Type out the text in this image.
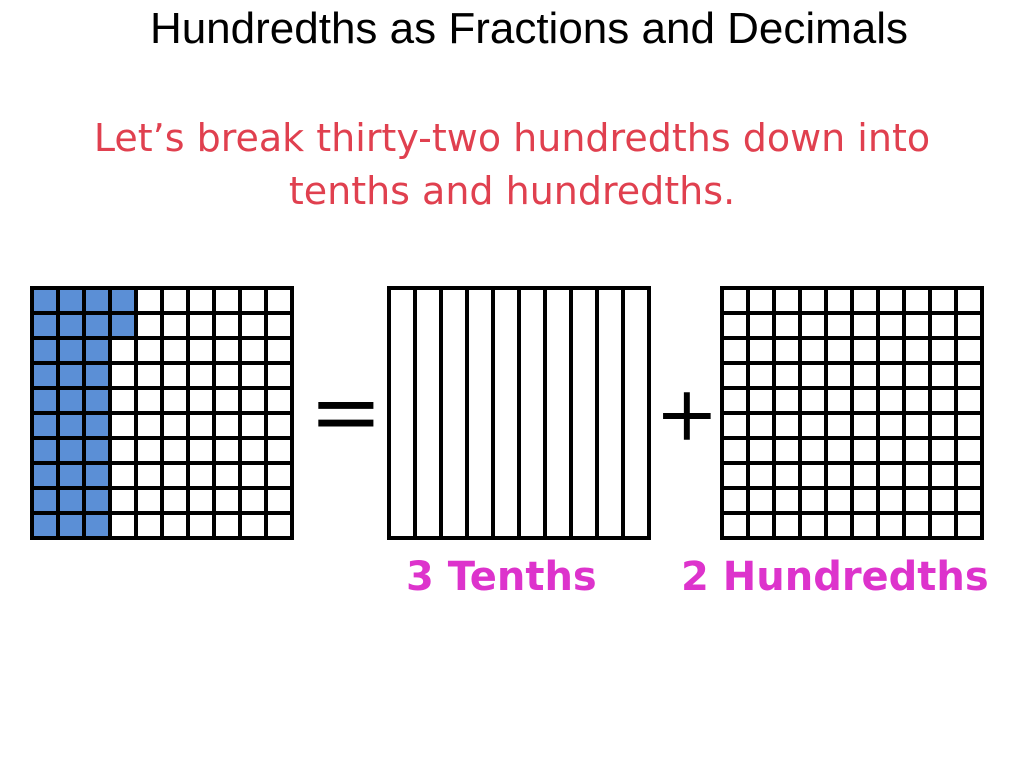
Hundredths as Fractions and Decimals
Let’s break thirty-two hundredths down into
tenths and hundredths.
=	+
3 Tenths 2 Hundredths
